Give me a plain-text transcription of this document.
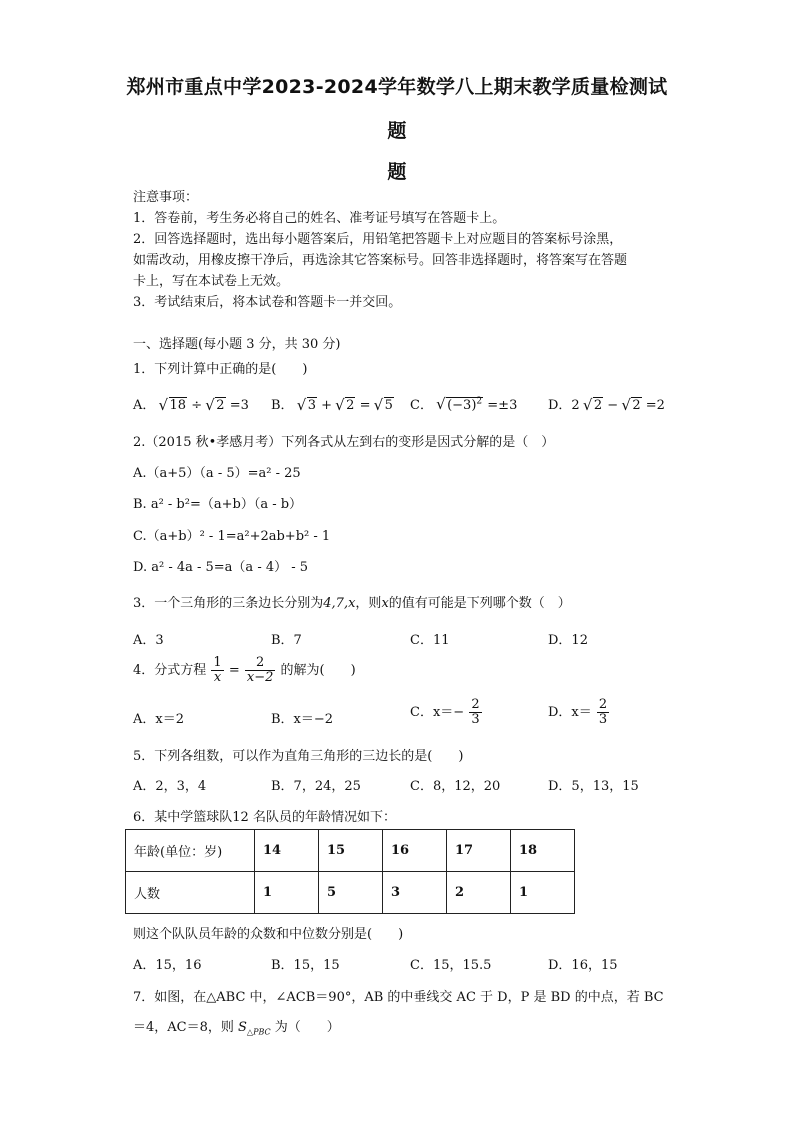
郑州市重点中学2023-2024学年数学八上期末教学质量检测试
题
题
注意事项：
1．答卷前，考生务必将自己的姓名、准考证号填写在答题卡上。
2．回答选择题时，选出每小题答案后，用铅笔把答题卡上对应题目的答案标号涂黑，
如需改动，用橡皮擦干净后，再选涂其它答案标号。回答非选择题时，将答案写在答题
卡上，写在本试卷上无效。
3．考试结束后，将本试卷和答题卡一并交回。
一、选择题(每小题 3 分，共 30 分)
1．下列计算中正确的是(　　)
A． √ 18 ÷ √ 2 =3 B． √ 3 + √ 2 = √ 5 C． √ $(-3)^2 =\pm 3$ D．2 √ 2 − √ 2 =2
2.（2015 秋•孝感月考）下列各式从左到右的变形是因式分解的是（　）
A.（a+5）（a - 5）=a² - 25
B. a² - b²=（a+b）（a - b）
C.（a+b）² - 1=a²+2ab+b² - 1
D. a² - 4a - 5=a（a - 4） - 5
3．一个三角形的三条边长分别为4,7,x，则x的值有可能是下列哪个数（　）
A．3	B．7	C．11	D．12
4．分式方程 $\frac{1}{x} = \frac{2}{x-2}$ 的解为(　　)
A．x＝2	B．x＝−2	C．$x=- \frac{2}{3}$	D．$x= \frac{2}{3}$
5．下列各组数，可以作为直角三角形的三边长的是(　　)
A．2，3，4	B．7，24，25	C．8，12，20	D．5，13，15
6．某中学篮球队12 名队员的年龄情况如下：
年龄(单位：岁)	14	15	16	17	18
人数	1	5	3	2	1
则这个队队员年龄的众数和中位数分别是(　　)
A．15，16	B．15，15	C．15，15.5	D．16，15
7．如图，在△ABC 中，∠ACB＝90°，AB 的中垂线交 AC 于 D，P 是 BD 的中点，若 BC
＝4，AC＝8，则 $S_{\triangle PBC}$ 为（　　）
